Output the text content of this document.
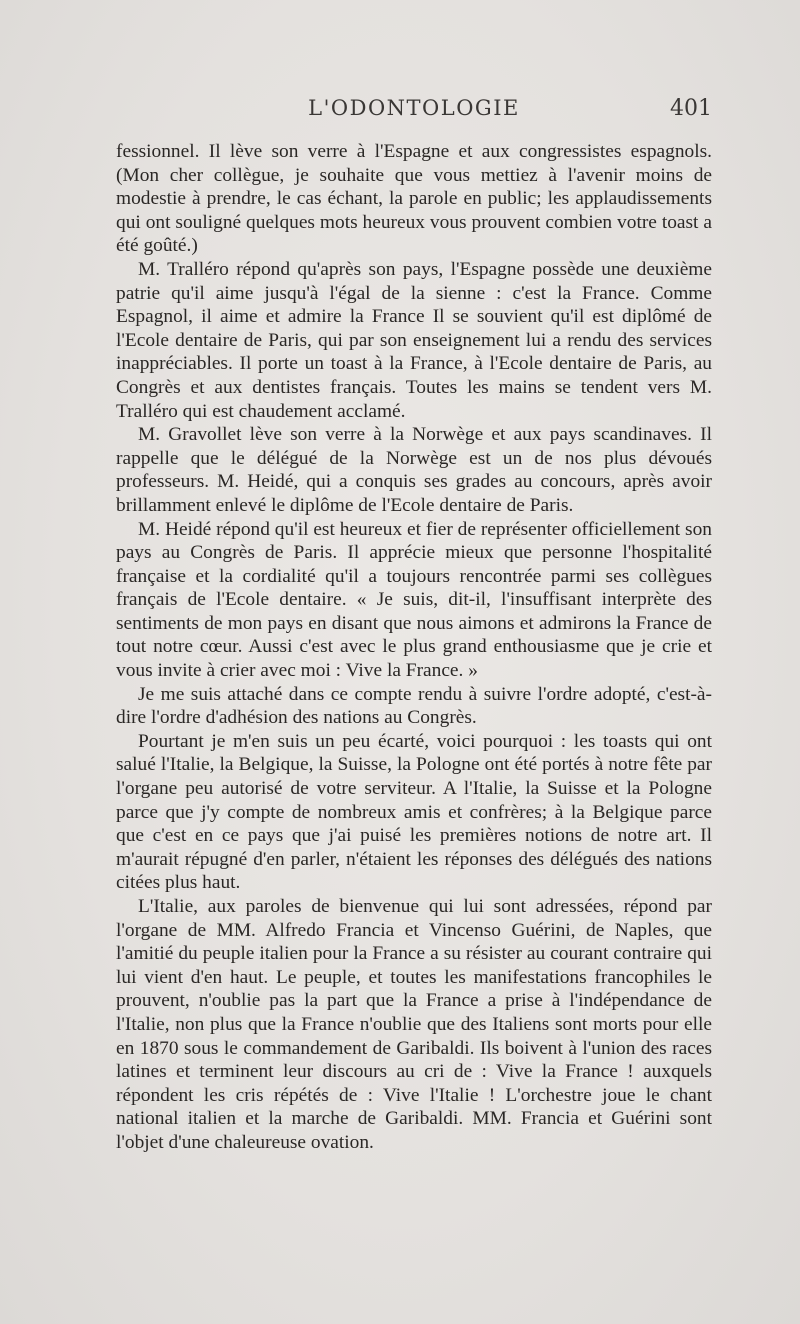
L'ODONTOLOGIE	401

fessionnel. Il lève son verre à l'Espagne et aux congressistes espagnols. (Mon cher collègue, je souhaite que vous mettiez à l'avenir moins de modestie à prendre, le cas échant, la parole en public; les applaudissements qui ont souligné quelques mots heureux vous prouvent combien votre toast a été goûté.)

M. Tralléro répond qu'après son pays, l'Espagne possède une deuxième patrie qu'il aime jusqu'à l'égal de la sienne : c'est la France. Comme Espagnol, il aime et admire la France Il se souvient qu'il est diplômé de l'Ecole dentaire de Paris, qui par son enseignement lui a rendu des services inappréciables. Il porte un toast à la France, à l'Ecole dentaire de Paris, au Congrès et aux dentistes français. Toutes les mains se tendent vers M. Tralléro qui est chaudement acclamé.

M. Gravollet lève son verre à la Norwège et aux pays scandinaves. Il rappelle que le délégué de la Norwège est un de nos plus dévoués professeurs. M. Heidé, qui a conquis ses grades au concours, après avoir brillamment enlevé le diplôme de l'Ecole dentaire de Paris.

M. Heidé répond qu'il est heureux et fier de représenter officiellement son pays au Congrès de Paris. Il apprécie mieux que personne l'hospitalité française et la cordialité qu'il a toujours rencontrée parmi ses collègues français de l'Ecole dentaire. « Je suis, dit-il, l'insuffisant interprète des sentiments de mon pays en disant que nous aimons et admirons la France de tout notre cœur. Aussi c'est avec le plus grand enthousiasme que je crie et vous invite à crier avec moi : Vive la France. »

Je me suis attaché dans ce compte rendu à suivre l'ordre adopté, c'est-à-dire l'ordre d'adhésion des nations au Congrès.

Pourtant je m'en suis un peu écarté, voici pourquoi : les toasts qui ont salué l'Italie, la Belgique, la Suisse, la Pologne ont été portés à notre fête par l'organe peu autorisé de votre serviteur. A l'Italie, la Suisse et la Pologne parce que j'y compte de nombreux amis et confrères; à la Belgique parce que c'est en ce pays que j'ai puisé les premières notions de notre art. Il m'aurait répugné d'en parler, n'étaient les réponses des délégués des nations citées plus haut.

L'Italie, aux paroles de bienvenue qui lui sont adressées, répond par l'organe de MM. Alfredo Francia et Vincenso Guérini, de Naples, que l'amitié du peuple italien pour la France a su résister au courant contraire qui lui vient d'en haut. Le peuple, et toutes les manifestations francophiles le prouvent, n'oublie pas la part que la France a prise à l'indépendance de l'Italie, non plus que la France n'oublie que des Italiens sont morts pour elle en 1870 sous le commandement de Garibaldi. Ils boivent à l'union des races latines et terminent leur discours au cri de : Vive la France ! auxquels répondent les cris répétés de : Vive l'Italie ! L'orchestre joue le chant national italien et la marche de Garibaldi. MM. Francia et Guérini sont l'objet d'une chaleureuse ovation.
